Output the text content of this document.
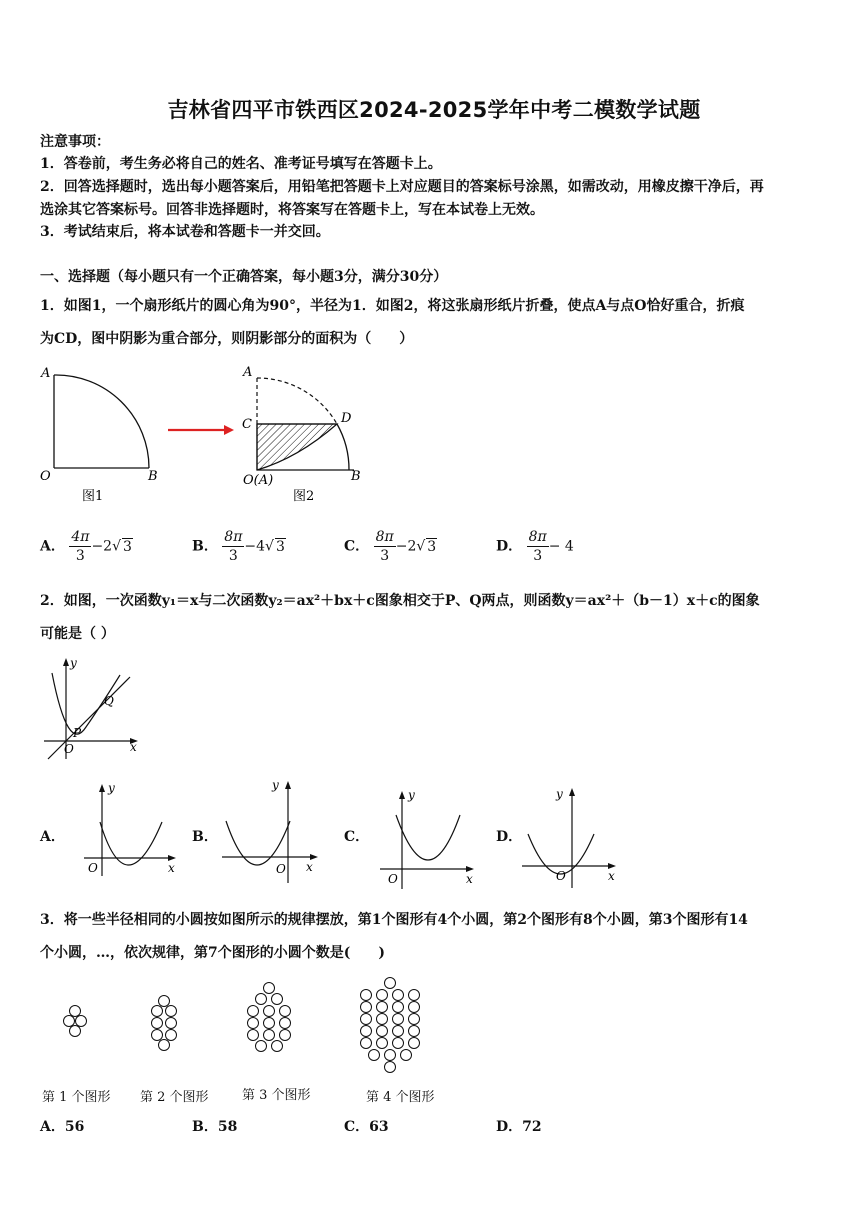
吉林省四平市铁西区2024-2025学年中考二模数学试题
注意事项：
1．答卷前，考生务必将自己的姓名、准考证号填写在答题卡上。
2．回答选择题时，选出每小题答案后，用铅笔把答题卡上对应题目的答案标号涂黑，如需改动，用橡皮擦干净后，再
选涂其它答案标号。回答非选择题时，将答案写在答题卡上，写在本试卷上无效。
3．考试结束后，将本试卷和答题卡一并交回。
一、选择题（每小题只有一个正确答案，每小题3分，满分30分）
1．如图1，一个扇形纸片的圆心角为90°，半径为1．如图2，将这张扇形纸片折叠，使点A与点O恰好重合，折痕
为CD，图中阴影为重合部分，则阴影部分的面积为（　　）
A
O	B
图1
A
C	D
O(A)	B
图2
A． $\frac{4\pi}{3} -2√$ 3	B． $\frac{8\pi}{3} -4√$ 3	C． $\frac{8\pi}{3} -2√$ 3	D． $\frac{8\pi}{3} - 4$
2．如图，一次函数y₁＝x与二次函数y₂＝ax²＋bx＋c图象相交于P、Q两点，则函数y＝ax²＋（b－1）x＋c的图象
可能是（ ）
y
x
O
P
Q
A．
y
x
O
B．
y
x
O
C．
y
x
O
D．
y
x
O
3．将一些半径相同的小圆按如图所示的规律摆放，第1个图形有4个小圆，第2个图形有8个小圆，第3个图形有14
个小圆，…，依次规律，第7个图形的小圆个数是(　　)
第 1 个图形 第 2 个图形	第 3 个图形	第 4 个图形
A．56	B．58	C．63	D．72
